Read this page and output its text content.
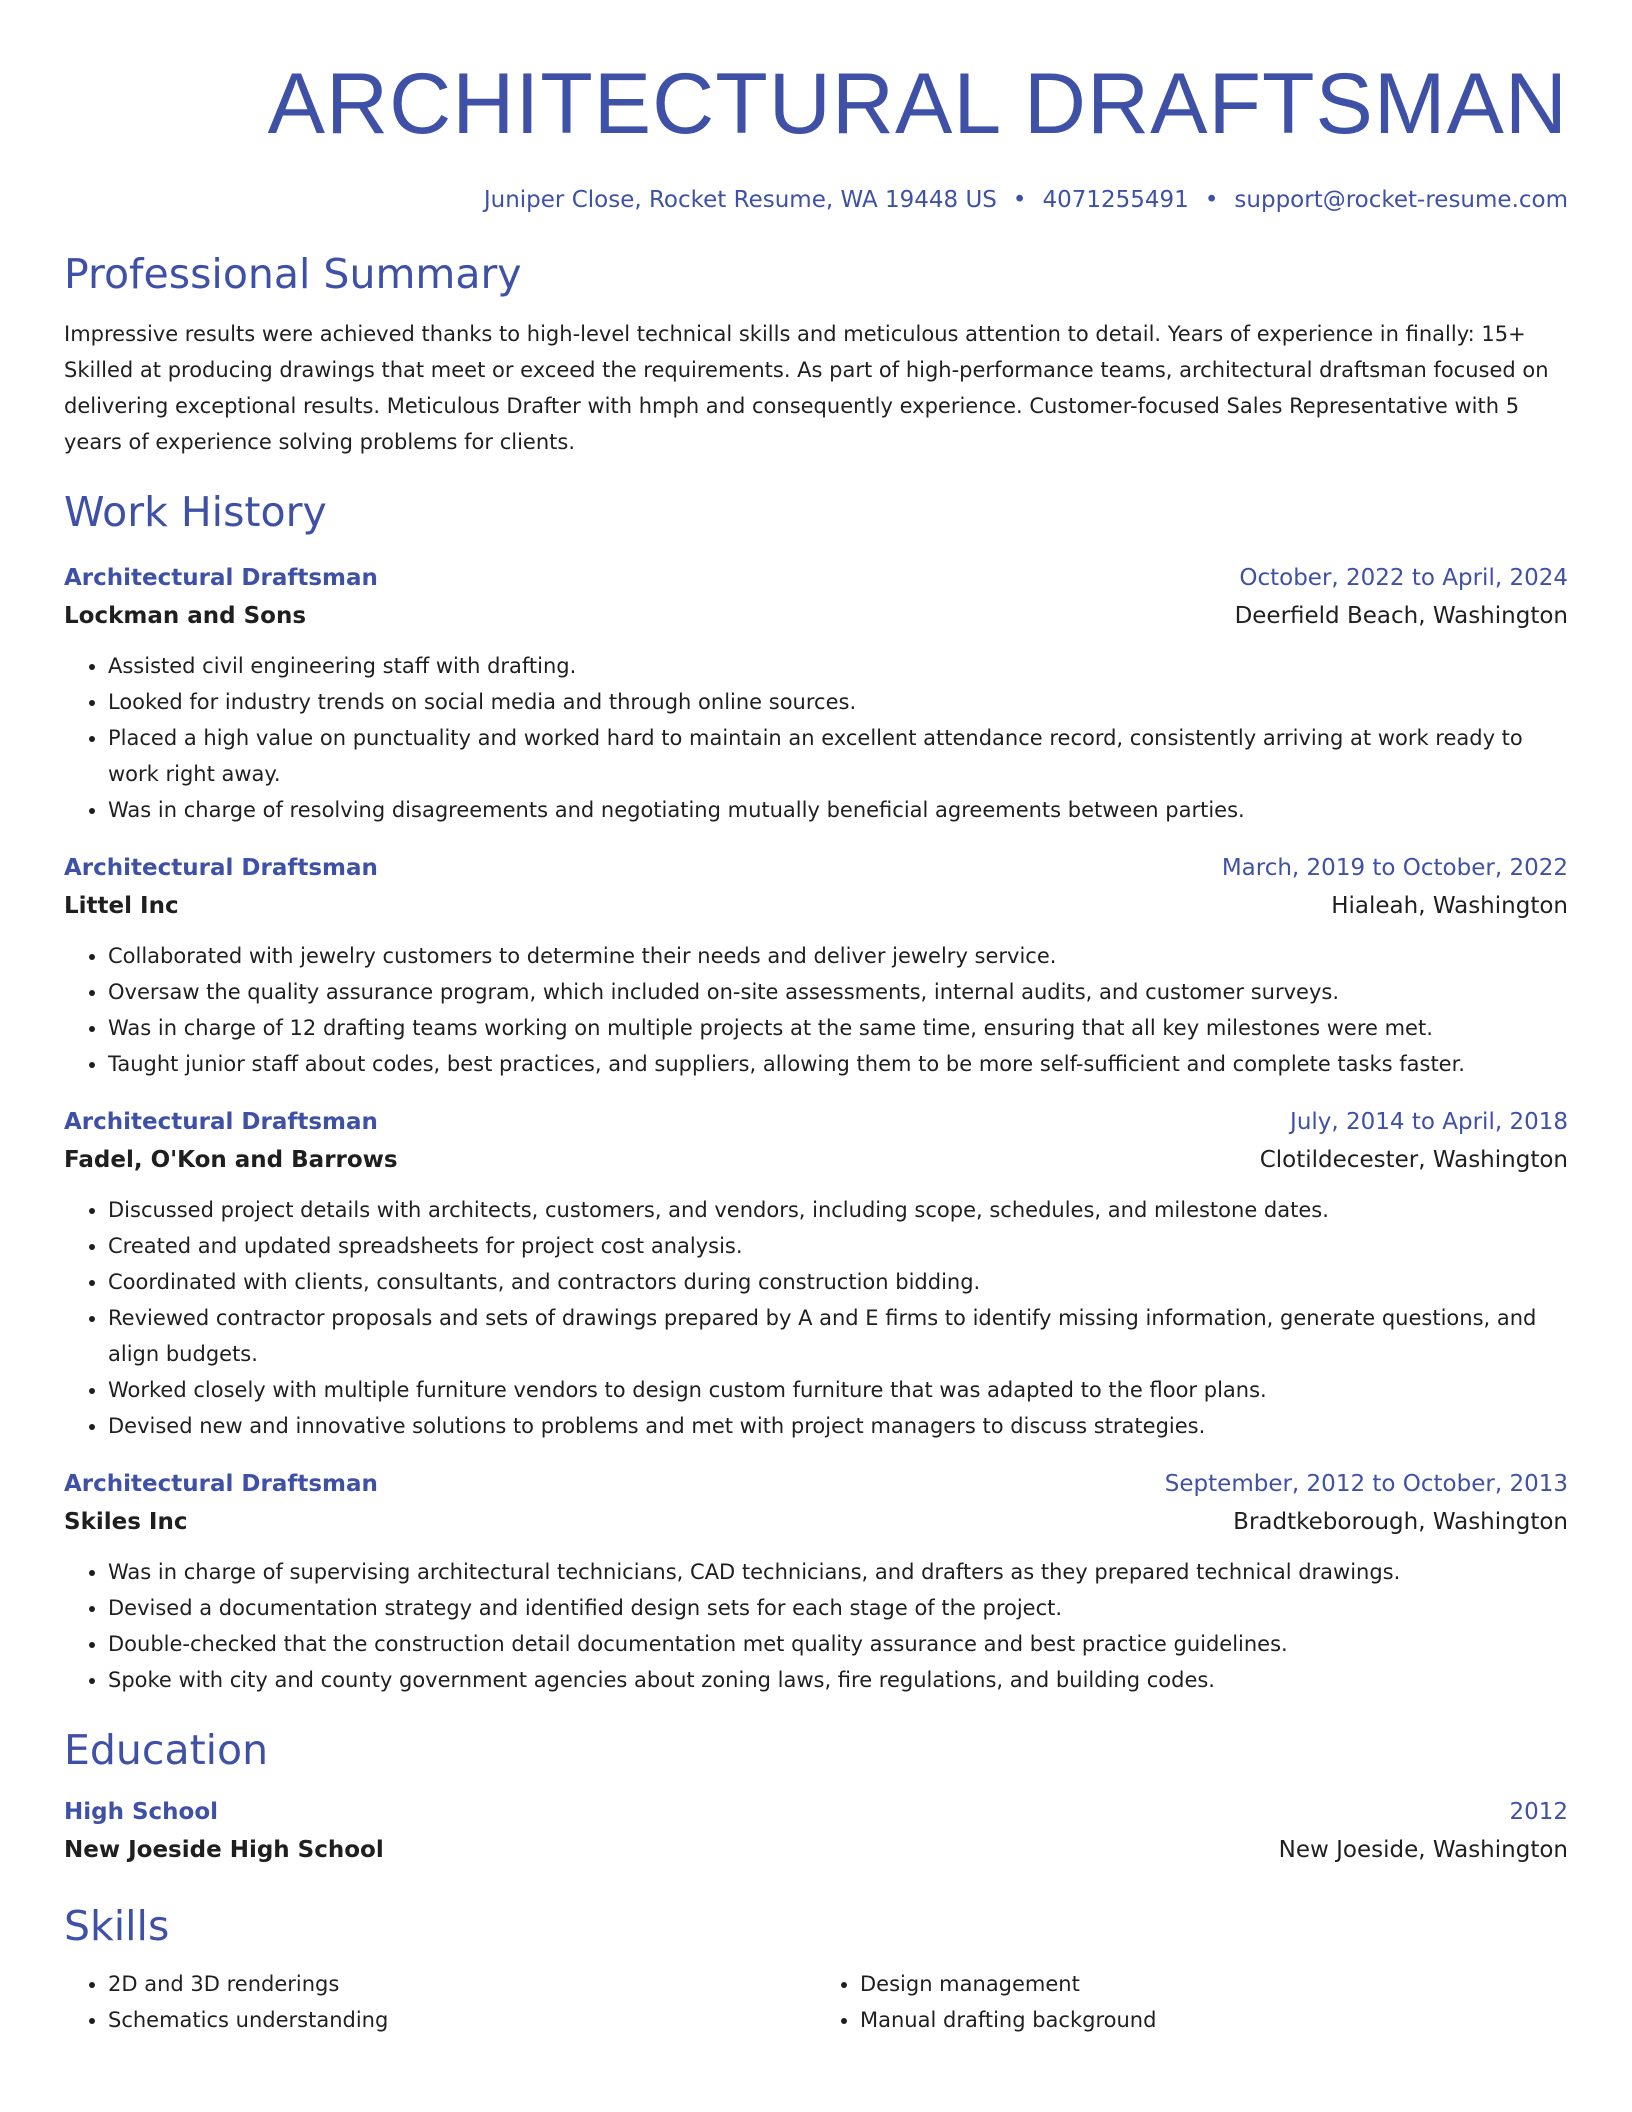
ARCHITECTURAL DRAFTSMAN
Juniper Close, Rocket Resume, WA 19448 US • 4071255491 • support@rocket-resume.com
Professional Summary
Impressive results were achieved thanks to high-level technical skills and meticulous attention to detail. Years of experience in finally: 15+ Skilled at producing drawings that meet or exceed the requirements. As part of high-performance teams, architectural draftsman focused on delivering exceptional results. Meticulous Drafter with hmph and consequently experience. Customer-focused Sales Representative with 5 years of experience solving problems for clients.
Work History
Architectural Draftsman	October, 2022 to April, 2024
Lockman and Sons	Deerfield Beach, Washington
• Assisted civil engineering staff with drafting.
• Looked for industry trends on social media and through online sources.
• Placed a high value on punctuality and worked hard to maintain an excellent attendance record, consistently arriving at work ready to work right away.
• Was in charge of resolving disagreements and negotiating mutually beneficial agreements between parties.
Architectural Draftsman	March, 2019 to October, 2022
Littel Inc	Hialeah, Washington
• Collaborated with jewelry customers to determine their needs and deliver jewelry service.
• Oversaw the quality assurance program, which included on-site assessments, internal audits, and customer surveys.
• Was in charge of 12 drafting teams working on multiple projects at the same time, ensuring that all key milestones were met.
• Taught junior staff about codes, best practices, and suppliers, allowing them to be more self-sufficient and complete tasks faster.
Architectural Draftsman	July, 2014 to April, 2018
Fadel, O'Kon and Barrows	Clotildecester, Washington
• Discussed project details with architects, customers, and vendors, including scope, schedules, and milestone dates.
• Created and updated spreadsheets for project cost analysis.
• Coordinated with clients, consultants, and contractors during construction bidding.
• Reviewed contractor proposals and sets of drawings prepared by A and E firms to identify missing information, generate questions, and align budgets.
• Worked closely with multiple furniture vendors to design custom furniture that was adapted to the floor plans.
• Devised new and innovative solutions to problems and met with project managers to discuss strategies.
Architectural Draftsman	September, 2012 to October, 2013
Skiles Inc	Bradtkeborough, Washington
• Was in charge of supervising architectural technicians, CAD technicians, and drafters as they prepared technical drawings.
• Devised a documentation strategy and identified design sets for each stage of the project.
• Double-checked that the construction detail documentation met quality assurance and best practice guidelines.
• Spoke with city and county government agencies about zoning laws, fire regulations, and building codes.
Education
High School	2012
New Joeside High School	New Joeside, Washington
Skills
• 2D and 3D renderings
• Schematics understanding
• Design management
• Manual drafting background
